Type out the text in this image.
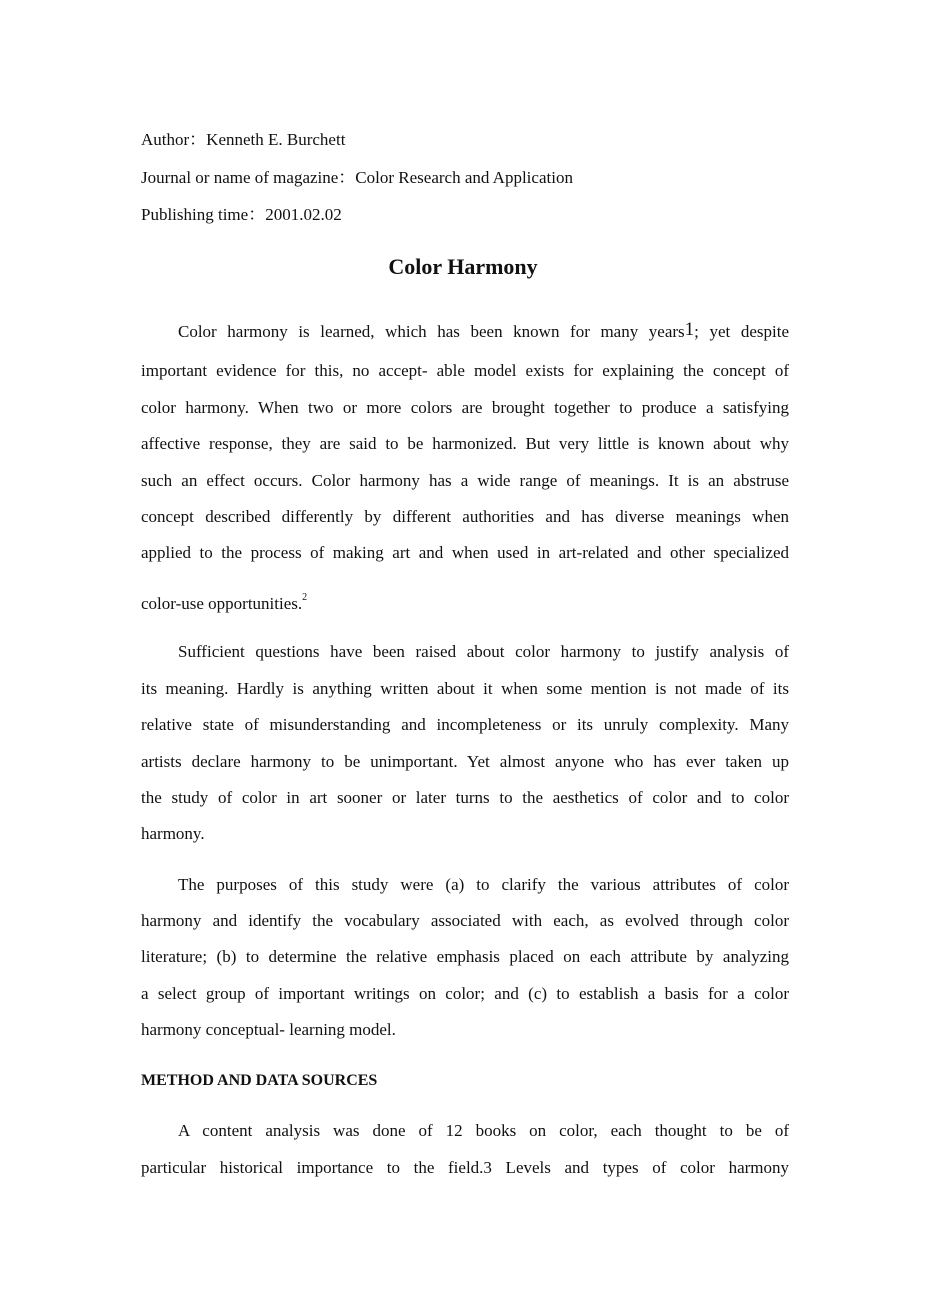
Author：Kenneth E. Burchett
Journal or name of magazine：Color Research and Application
Publishing time：2001.02.02
Color Harmony
Color harmony is learned, which has been known for many years1; yet despite
important evidence for this, no accept- able model exists for explaining the concept of
color harmony. When two or more colors are brought together to produce a satisfying
affective response, they are said to be harmonized. But very little is known about why
such an effect occurs. Color harmony has a wide range of meanings. It is an abstruse
concept described differently by different authorities and has diverse meanings when
applied to the process of making art and when used in art-related and other specialized
color-use opportunities.$^2$
Sufficient questions have been raised about color harmony to justify analysis of
its meaning. Hardly is anything written about it when some mention is not made of its
relative state of misunderstanding and incompleteness or its unruly complexity. Many
artists declare harmony to be unimportant. Yet almost anyone who has ever taken up
the study of color in art sooner or later turns to the aesthetics of color and to color
harmony.
The purposes of this study were (a) to clarify the various attributes of color
harmony and identify the vocabulary associated with each, as evolved through color
literature; (b) to determine the relative emphasis placed on each attribute by analyzing
a select group of important writings on color; and (c) to establish a basis for a color
harmony conceptual- learning model.
METHOD AND DATA SOURCES
A content analysis was done of 12 books on color, each thought to be of
particular historical importance to the field.3 Levels and types of color harmony
